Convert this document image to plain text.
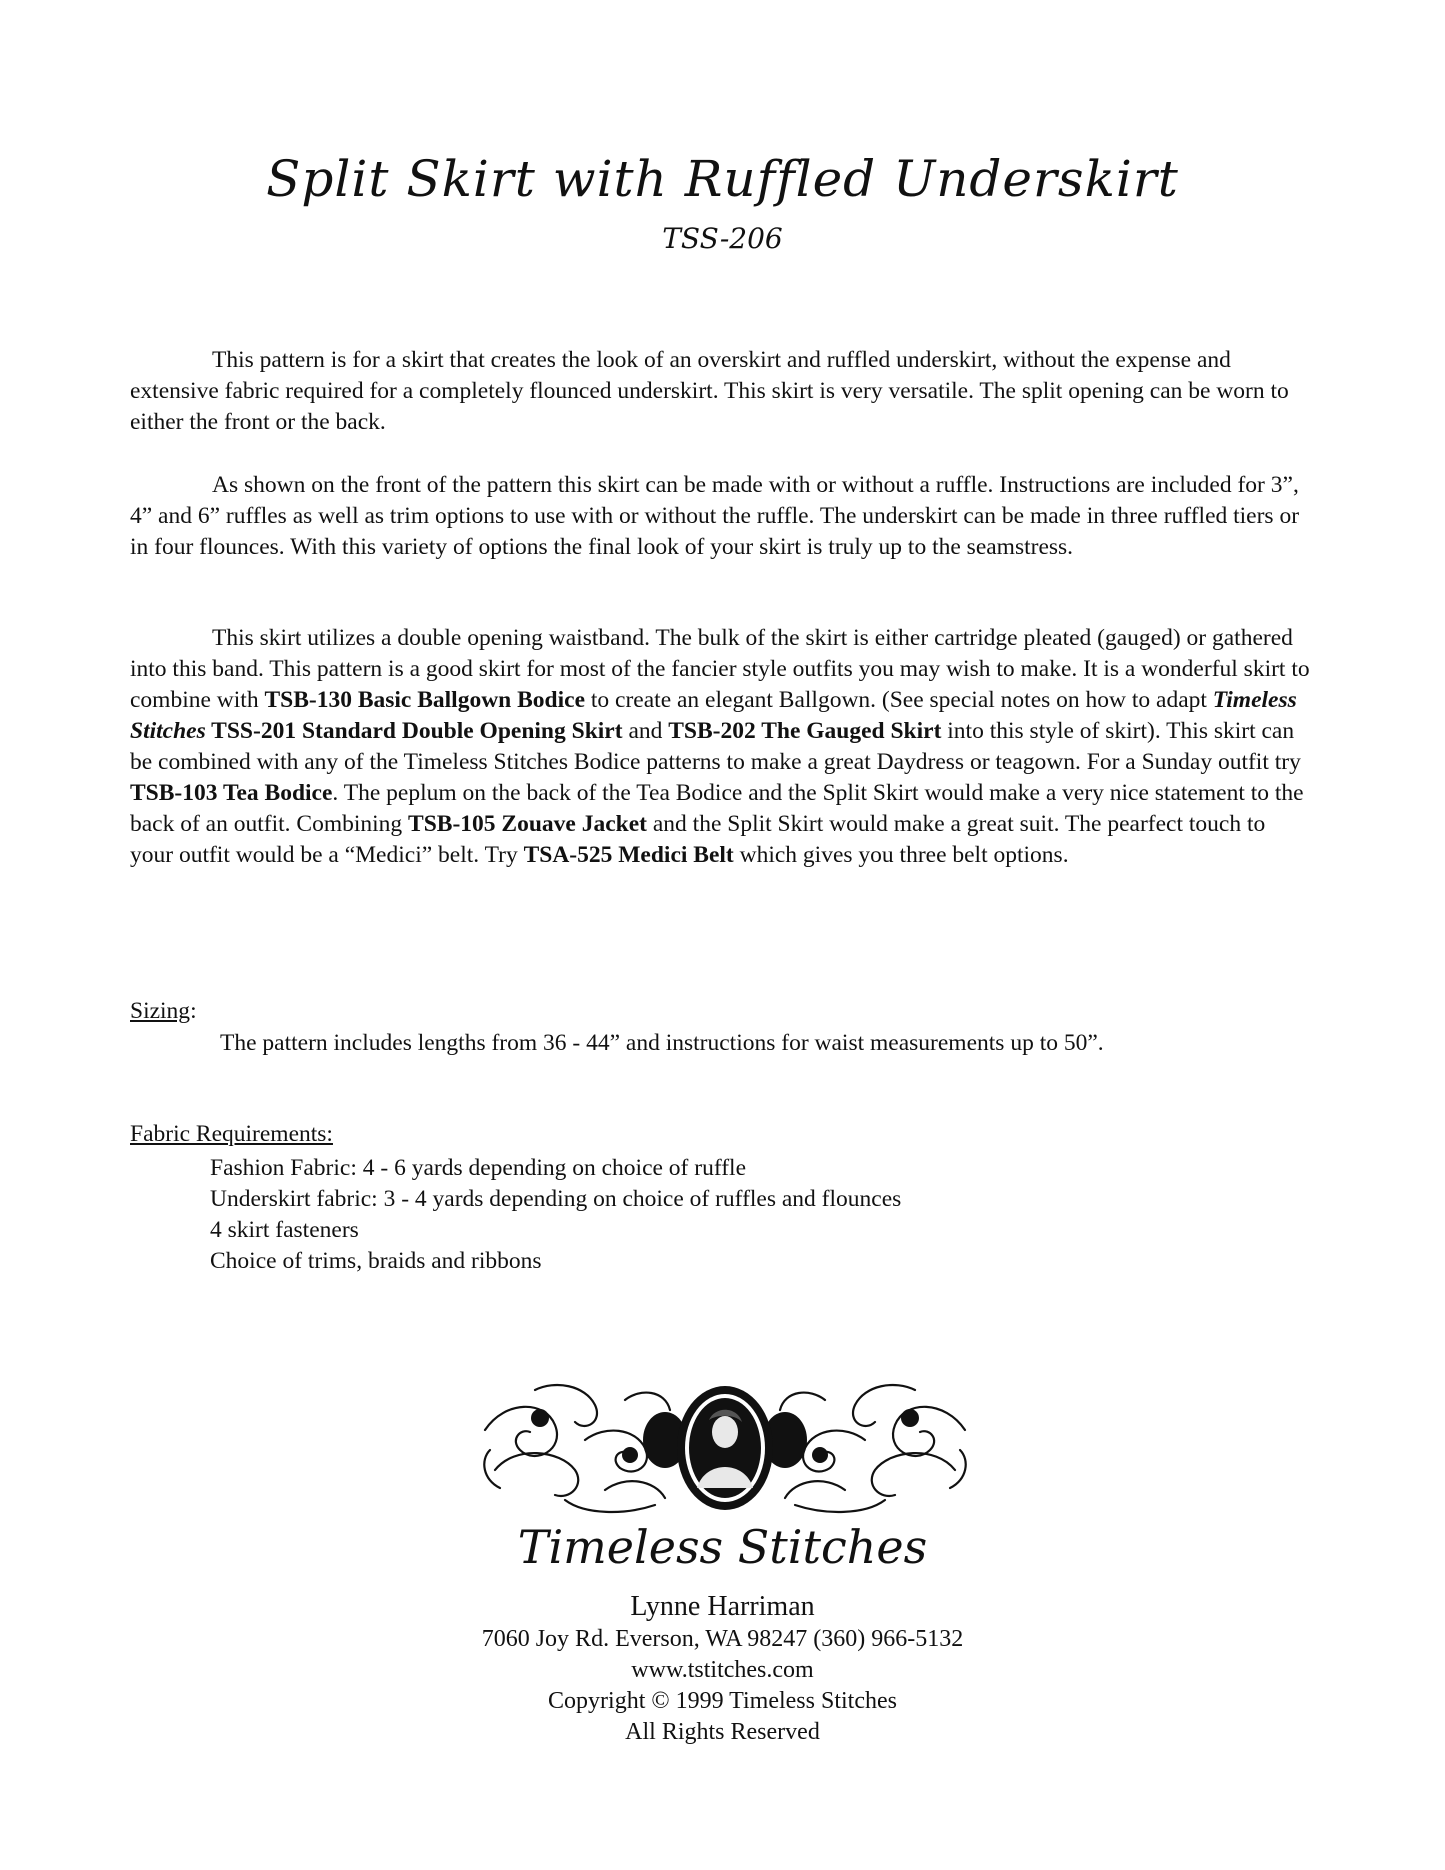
Split Skirt with Ruffled Underskirt
TSS-206
This pattern is for a skirt that creates the look of an overskirt and ruffled underskirt, without the expense and extensive fabric required for a completely flounced underskirt. This skirt is very versatile. The split opening can be worn to either the front or the back.
As shown on the front of the pattern this skirt can be made with or without a ruffle. Instructions are included for 3”, 4” and 6” ruffles as well as trim options to use with or without the ruffle. The underskirt can be made in three ruffled tiers or in four flounces. With this variety of options the final look of your skirt is truly up to the seamstress.
This skirt utilizes a double opening waistband. The bulk of the skirt is either cartridge pleated (gauged) or gathered into this band. This pattern is a good skirt for most of the fancier style outfits you may wish to make. It is a wonderful skirt to combine with TSB-130 Basic Ballgown Bodice to create an elegant Ballgown. (See special notes on how to adapt Timeless Stitches TSS-201 Standard Double Opening Skirt and TSB-202 The Gauged Skirt into this style of skirt). This skirt can be combined with any of the Timeless Stitches Bodice patterns to make a great Daydress or teagown. For a Sunday outfit try TSB-103 Tea Bodice. The peplum on the back of the Tea Bodice and the Split Skirt would make a very nice statement to the back of an outfit. Combining TSB-105 Zouave Jacket and the Split Skirt would make a great suit. The pearfect touch to your outfit would be a “Medici” belt. Try TSA-525 Medici Belt which gives you three belt options.
Sizing:
The pattern includes lengths from 36 - 44” and instructions for waist measurements up to 50”.
Fabric Requirements:
Fashion Fabric: 4 - 6 yards depending on choice of ruffle
Underskirt fabric: 3 - 4 yards depending on choice of ruffles and flounces
4 skirt fasteners
Choice of trims, braids and ribbons
Timeless Stitches
Lynne Harriman
7060 Joy Rd. Everson, WA 98247 (360) 966-5132
www.tstitches.com
Copyright © 1999 Timeless Stitches
All Rights Reserved
